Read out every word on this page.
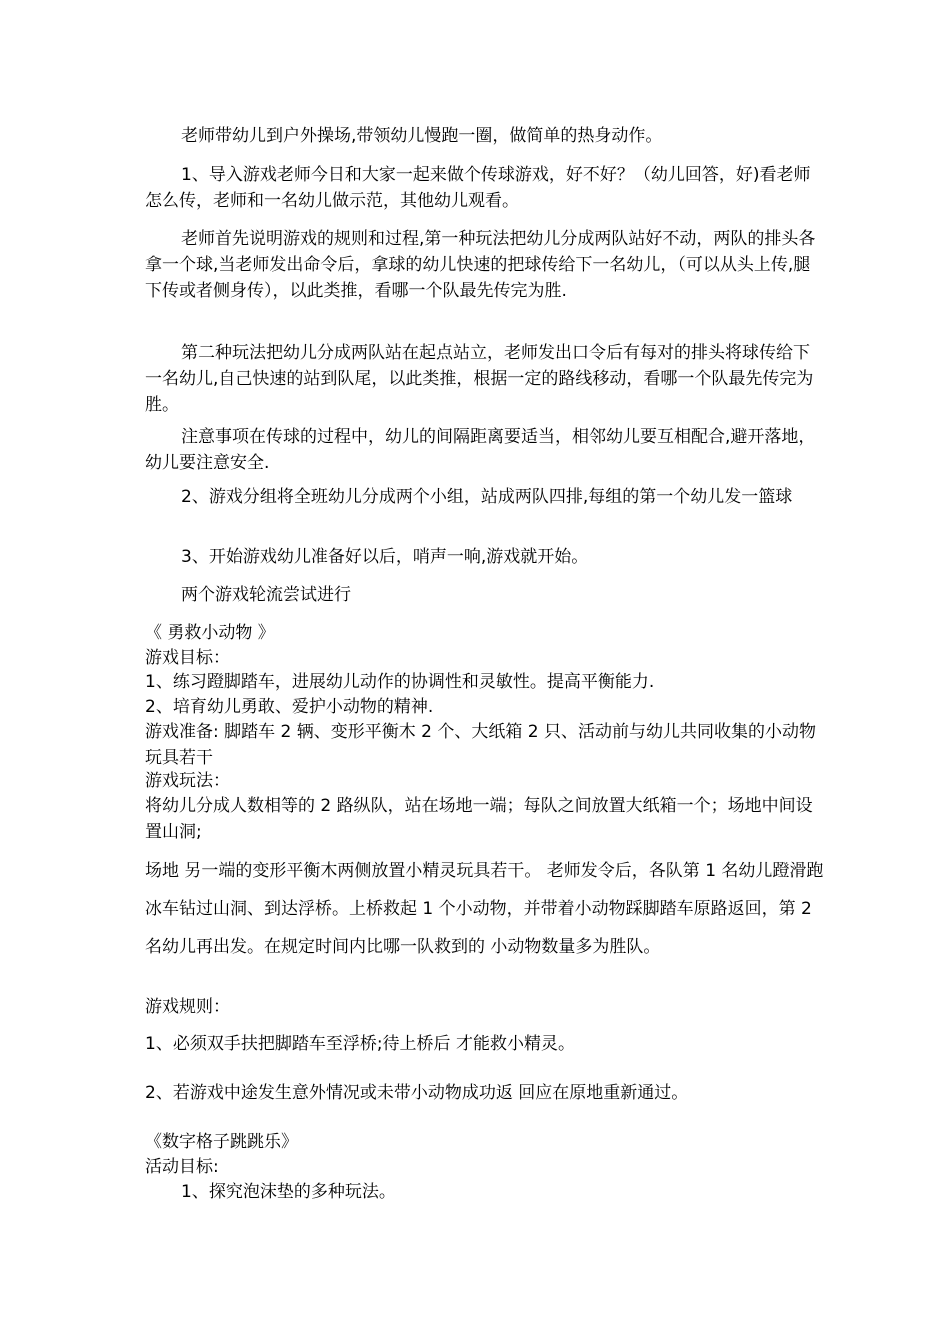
老师带幼儿到户外操场,带领幼儿慢跑一圈，做简单的热身动作。
1、导入游戏老师今日和大家一起来做个传球游戏，好不好？（幼儿回答，好)看老师怎么传，老师和一名幼儿做示范，其他幼儿观看。
老师首先说明游戏的规则和过程,第一种玩法把幼儿分成两队站好不动，两队的排头各拿一个球,当老师发出命令后，拿球的幼儿快速的把球传给下一名幼儿，（可以从头上传,腿下传或者侧身传），以此类推，看哪一个队最先传完为胜.
第二种玩法把幼儿分成两队站在起点站立，老师发出口令后有每对的排头将球传给下一名幼儿,自己快速的站到队尾，以此类推，根据一定的路线移动，看哪一个队最先传完为胜。
注意事项在传球的过程中，幼儿的间隔距离要适当，相邻幼儿要互相配合,避开落地，幼儿要注意安全.
2、游戏分组将全班幼儿分成两个小组，站成两队四排,每组的第一个幼儿发一篮球
3、开始游戏幼儿准备好以后，哨声一响,游戏就开始。
两个游戏轮流尝试进行
《 勇救小动物 》
游戏目标：
1、练习蹬脚踏车，进展幼儿动作的协调性和灵敏性。提高平衡能力.
2、培育幼儿勇敢、爱护小动物的精神.
游戏准备: 脚踏车 2 辆、变形平衡木 2 个、大纸箱 2 只、活动前与幼儿共同收集的小动物玩具若干
游戏玩法：
将幼儿分成人数相等的 2 路纵队，站在场地一端；每队之间放置大纸箱一个；场地中间设置山洞;
场地 另一端的变形平衡木两侧放置小精灵玩具若干。 老师发令后，各队第 1 名幼儿蹬滑跑冰车钻过山洞、到达浮桥。上桥救起 1 个小动物，并带着小动物踩脚踏车原路返回，第 2 名幼儿再出发。在规定时间内比哪一队救到的 小动物数量多为胜队。
游戏规则：
1、必须双手扶把脚踏车至浮桥;待上桥后 才能救小精灵。
2、若游戏中途发生意外情况或未带小动物成功返 回应在原地重新通过。
《数字格子跳跳乐》
活动目标:
1、探究泡沫垫的多种玩法。
